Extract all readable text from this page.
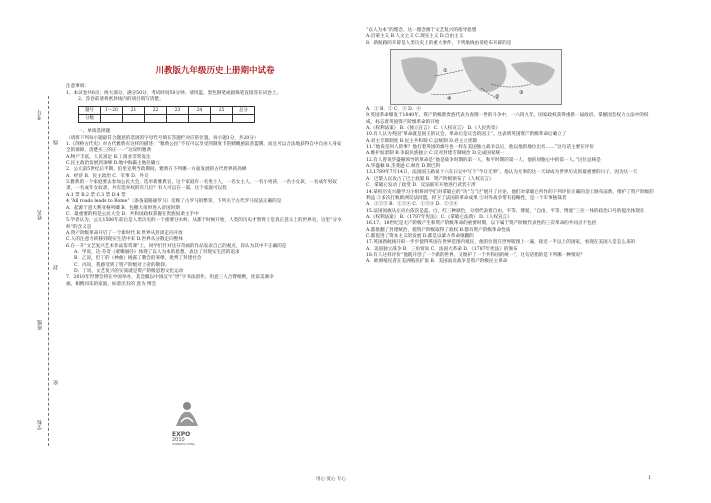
考号
线
姓名
封
班级
密
学校
川教版九年级历史上册期中试卷

注意事项：

1、本试卷共6页；两大部分，满分50分，考试时间50分钟。请用蓝、黑色钢笔或圆珠笔直接答在试卷上。

2、答卷前请将密封线内的项目填写清楚。

题号	1～20	21	22	23	24	25	总分
分数							

一、单项选择题

（请将下列每小题最符合题意的选项的字母代号填在答题栏对应的位置。每小题1分，共20分）

1.《剑桥古代史》对古代雅典有这样的描述：“雅典公民”不仅可以享受到制度卡的赌概函较普篮牌，而且可以合法地获得自中自由人身安全的保障，清楚买三的庄一一”这说明雅典

A.物产丰富，人民富足 B.工商业非常发达

C.民主政治发展到顶峰 D.地中海霸主地位确立

2．公元前5世纪后半期，伯里克利当政期间，雅典在下列哪一方面发展的古代世界的高峰

A．经济 B．民主政治 C．军事 D．外交

3.雅典的一个家庭要去参加公民大会，选举新雅典官，这个家庭有一名男士人，一名女主人，一名小男孩，一名小女孩，一名成年男奴隶，一名成年女奴隶，共有选举权的有几位？有人可以在一部，这个家庭可以投

A.1 票 B.2 票 C.3 票 D.4 票

4.“All roads leads to Rome”（条条道路通罗马）反映了古罗马的繁荣，下列关于古代罗马说法正确的是

A．起源于意大利亚格列卿 B．包撒大帝时进入帝国时期

C．最重要的构是公民大会 D．共和国政权掌握在贵族奴隶主手中

5.学者认为，公元1500年前后是人类历史的一个重要分水岭，从那个时候开始，人类的历史才然得上是真正意义上的世界史，这里“分水岭”的含义是

A.资产阶级革命开启了一个新时代 B.世界从封闭走向开放

C.人的注意力转移到现实生活中来 D.世界从分散走向整体

6.在一升“文艺复兴艺术作品鉴赏课”上，同学们针对达芬奇画的作品发表自己的观点，你认为其中不正确的是

A．甲说，达·芬奇《蒙娜丽莎》体现了以人为本的思想，表达了对现实生活的追求

B．乙说，但丁的《神曲》揭露了教会的罪孽，批判了封建社会

C．丙说，我感受到了资产阶级对上帝的敬仰。

D．丁说，文艺复兴的实质就是资产阶级思想文化运动

7．2010年世博会将在中国举办，其会徽以中国汉字“世”字书法创作，用意三人合臂相携，状似美满幸福、相携同乐的家庭，标着出有的 意为 博会

EXPO
2010
SHANGHAI CHINA

“以人为本”的理念。这一理念源于文艺复兴的指导思想

A.启蒙主义 B.人文主义 C.现实主义 D.自由主义

8．新航路的开辟是人类历史上的重大事件，下列航线由哥伦布开辟的是

①
②
③
④

A．① B．② C．③ D．④

9.英国革命爆发于1640年，资产阶级新贵族代表为查理一世的斗争中，一六四九年。国家政权获得重新一届政府。掌握国会权力立法中的权威，标志着英国资产阶级革命的开始

A.《权利法案》 B.《独立宣言》 C.《人权宣言》 D.《人民宪章》

10.有人认为英国“革命就是国王的议会，革命后是议会的国王”。这表明英国资产阶级革命后确立了

A.君主专制制度 B.民主共和制 C.总统制 D.君主立宪制

11.“他说是何人的事？他打着英国的旗号也一样在美国独立战争以后，他以他的地位出名……”这句话主要在评价

A.维护奴隶制 B.争取民族独立 C.反对封建专制统治 D.完成国家统一

12.有人曾说华盛顿领导的革命是“他是战争时期的第一人，和平时期的第一人，他的同胞心中的第一人。”这位总统是

A.华盛顿 B.杰斐逊 C.林肯 D.斯巴科

13.1789年7月14日，法国国王路易十六在日记中写下“今日无事”。他认为无事的这一天却成为世界历史的最重要的日子，因为这一天

A．巴黎人民攻占了巴士底狱 B．资产阶级颁布了《人权宣言》

C．拿破仑发动了政变 D．反法联军开始进行武装干涉

14.某校历史兴趣学习小组将同学们对拿破仑的“功”与“过”展开了讨论，他们对拿破仑所作的下列评价正确的是①颁布法典，维护了资产阶级的利益 ②多次打败欧洲反法同盟，捍卫了法国的革命成果 ③对外战争带有侵略性，是一个军事独裁者

A．①②③ B．①②④ C．①③④ D．②③④

15.法国国旗从左向右依次是蓝、白、红三种颜色，分别代表着自由、平等、博爱，“自由、平等、博爱”三位一体的政治口号的提出体现在

A.《权利法案》 B.《1787年宪法》 C.《拿破仑法典》 D.《人权宣言》

16.17、18世纪是无产阶级产生和资产阶级革命的重要时期，以下属于资产阶级代表性的三次革命的共同点不包括

A.都推翻了封建统治，使资产阶级取得了政权 B.都有资产阶级革命性质

C.都促进了资本主义的发展 D.都是以暴力革命推翻的

17.英国新航线开辟一步步使得英国在世界范围内殖民，他的位置在世界版图上一遍，接近一半以上的国家，看现在美国人是怎么来的

A．美国独立战争 B．三角贸易 C．法国大革命 D．《1787年宪法》的颁布

18.有人这样评价“他既开创了一个新的世界，又维护了一个共和国的统一”，这句话指的是下列哪一种情况？

A．欧洲殖民者在美洲殖民扩张 B．美国南北战争是资产阶级民主革命

用心 爱心 专心	1
